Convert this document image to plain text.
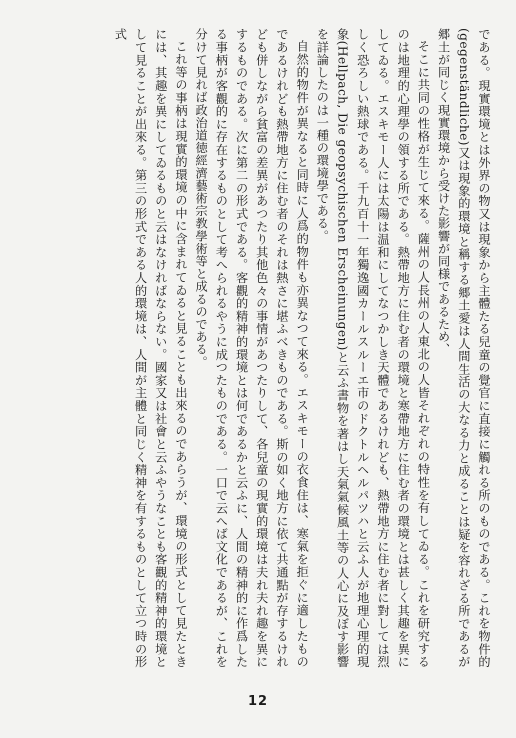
である。現實環境とは外界の物又は現象から主體たる兒童の覺官に直接に觸れる所のものである。これを物件的(gegenständliche)又は現象的環境と稱する郷土愛は人間生活の大なる力と成ることは疑を容れざる所であるが郷土が同じく現實環境から受けた影響が同様であるため、

そこに共同の性格が生じて來る。薩州の人長州の人東北の人皆それぞれの特性を有してゐる。これを研究するのは地理的心理學の領する所である。熱帶地方に住む者の環境と寒帶地方に住む者の環境とは甚しく其趣を異にしてゐる。エスキモー人には太陽は温和にしてなつかしき天體であるけれども、熱帶地方に住む者に對しては烈しく恐ろしい熱球である。千九百十一年獨逸國カールスルーエ市のドクトルヘルパツハと云ふ人が地理心理的現象(Hellpach, Die geopsychischen Erscheinungen)と云ふ書物を著はし天氣氣候風土等の人心に及ぼす影響を詳論したのは一種の環境學である。

自然的物件が異なると同時に人爲的物件も亦異なつて來る。エスキモーの衣食住は、寒氣を拒ぐに適したものであるけれども熱帶地方に住む者のそれは熱さに堪ふべきものである。斯の如く地方に依て共通點が存するけれども併しながら貧富の差異があつたり其他色々の事情があつたりして、各兒童の現實的環境は夫れ夫れ趣を異にするものである。次に第二の形式である。客觀的精神的環境とは何であるかと云ふに、人間の精神的に作爲したる事柄が客觀的に存在するものとして考へられるやうに成つたものである。一口で云へば文化であるが、これを分けて見れば政治道徳經濟藝術宗教學術等と成るのである。

これ等の事柄は現實的環境の中に含まれてゐると見ることも出來るのであらうが、環境の形式として見たときには、其趣を異にしてゐるものと云はなければならない。國家又は社會と云ふやうなことも客觀的精神的環境として見ることが出來る。第三の形式である人的環境は、人間が主體と同じく精神を有するものとして立つ時の形式

12
